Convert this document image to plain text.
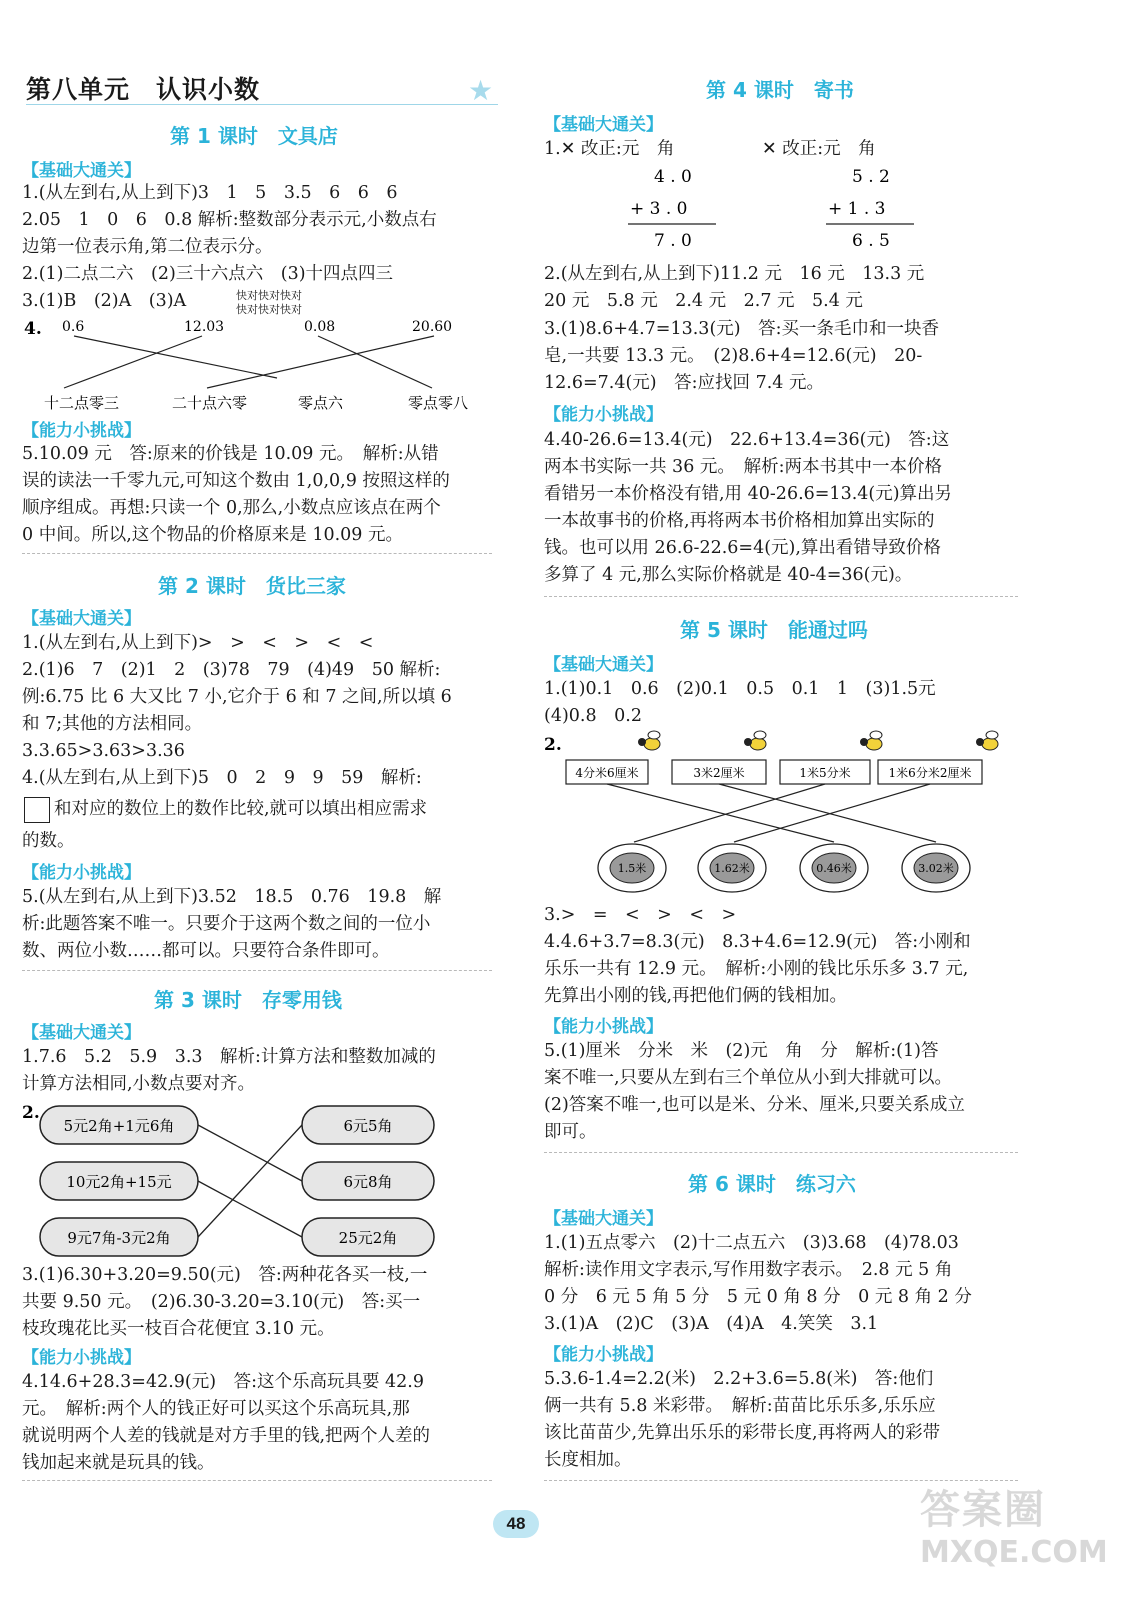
第八单元　认识小数	★
第 1 课时　文具店
【基础大通关】
1.(从左到右,从上到下)3　1　5　3.5　6　6　6
2.05　1　0　6　0.8 解析:整数部分表示元,小数点右
边第一位表示角,第二位表示分。
2.(1)二点二六　(2)三十六点六　(3)十四点四三
3.(1)B　(2)A　(3)A	快对快对快对
快对快对快对
4. 0.6	12.03	0.08	20.60
十二点零三	二十点六零	零点六	零点零八
【能力小挑战】
5.10.09 元　答:原来的价钱是 10.09 元。　解析:从错
误的读法一千零九元,可知这个数由 1,0,0,9 按照这样的
顺序组成。再想:只读一个 0,那么,小数点应该点在两个
0 中间。所以,这个物品的价格原来是 10.09 元。
第 2 课时　货比三家
【基础大通关】
1.(从左到右,从上到下)>　>　<　>　<　<
2.(1)6　7　(2)1　2　(3)78　79　(4)49　50 解析:
例:6.75 比 6 大又比 7 小,它介于 6 和 7 之间,所以填 6
和 7;其他的方法相同。
3.3.65>3.63>3.36
4.(从左到右,从上到下)5　0　2　9　9　59　解析:
和对应的数位上的数作比较,就可以填出相应需求
的数。
【能力小挑战】
5.(从左到右,从上到下)3.52　18.5　0.76　19.8　解
析:此题答案不唯一。只要介于这两个数之间的一位小
数、两位小数……都可以。只要符合条件即可。
第 3 课时　存零用钱
【基础大通关】
1.7.6　5.2　5.9　3.3　解析:计算方法和整数加减的
计算方法相同,小数点要对齐。
2.
5元2角+1元6角
10元2角+15元
9元7角-3元2角
6元5角
6元8角
25元2角
3.(1)6.30+3.20=9.50(元)　答:两种花各买一枝,一
共要 9.50 元。　(2)6.30-3.20=3.10(元)　答:买一
枝玫瑰花比买一枝百合花便宜 3.10 元。
【能力小挑战】
4.14.6+28.3=42.9(元)　答:这个乐高玩具要 42.9
元。　解析:两个人的钱正好可以买这个乐高玩具,那
就说明两个人差的钱就是对方手里的钱,把两个人差的
钱加起来就是玩具的钱。
第 4 课时　寄书
【基础大通关】
1.✕ 改正:元　角	✕ 改正:元　角
4 . 0
+ 3 . 0
7 . 0
5 . 2
+ 1 . 3
6 . 5
2.(从左到右,从上到下)11.2 元　16 元　13.3 元
20 元　5.8 元　2.4 元　2.7 元　5.4 元
3.(1)8.6+4.7=13.3(元)　答:买一条毛巾和一块香
皂,一共要 13.3 元。　(2)8.6+4=12.6(元)　20-
12.6=7.4(元)　答:应找回 7.4 元。
【能力小挑战】
4.40-26.6=13.4(元)　22.6+13.4=36(元)　答:这
两本书实际一共 36 元。　解析:两本书其中一本价格
看错另一本价格没有错,用 40-26.6=13.4(元)算出另
一本故事书的价格,再将两本书价格相加算出实际的
钱。也可以用 26.6-22.6=4(元),算出看错导致价格
多算了 4 元,那么实际价格就是 40-4=36(元)。
第 5 课时　能通过吗
【基础大通关】
1.(1)0.1　0.6　(2)0.1　0.5　0.1　1　(3)1.5元
(4)0.8　0.2
2.
4分米6厘米	3米2厘米	1米5分米	1米6分米2厘米
1.5米	1.62米	0.46米	3.02米
3.>　=　<　>　<　>
4.4.6+3.7=8.3(元)　8.3+4.6=12.9(元)　答:小刚和
乐乐一共有 12.9 元。　解析:小刚的钱比乐乐多 3.7 元,
先算出小刚的钱,再把他们俩的钱相加。
【能力小挑战】
5.(1)厘米　分米　米　(2)元　角　分　解析:(1)答
案不唯一,只要从左到右三个单位从小到大排就可以。
(2)答案不唯一,也可以是米、分米、厘米,只要关系成立
即可。
第 6 课时　练习六
【基础大通关】
1.(1)五点零六　(2)十二点五六　(3)3.68　(4)78.03
解析:读作用文字表示,写作用数字表示。　2.8 元 5 角
0 分　6 元 5 角 5 分　5 元 0 角 8 分　0 元 8 角 2 分
3.(1)A　(2)C　(3)A　(4)A　4.笑笑　3.1
【能力小挑战】
5.3.6-1.4=2.2(米)　2.2+3.6=5.8(米)　答:他们
俩一共有 5.8 米彩带。　解析:苗苗比乐乐多,乐乐应
该比苗苗少,先算出乐乐的彩带长度,再将两人的彩带
长度相加。
48	答案圈
MXQE.COM
